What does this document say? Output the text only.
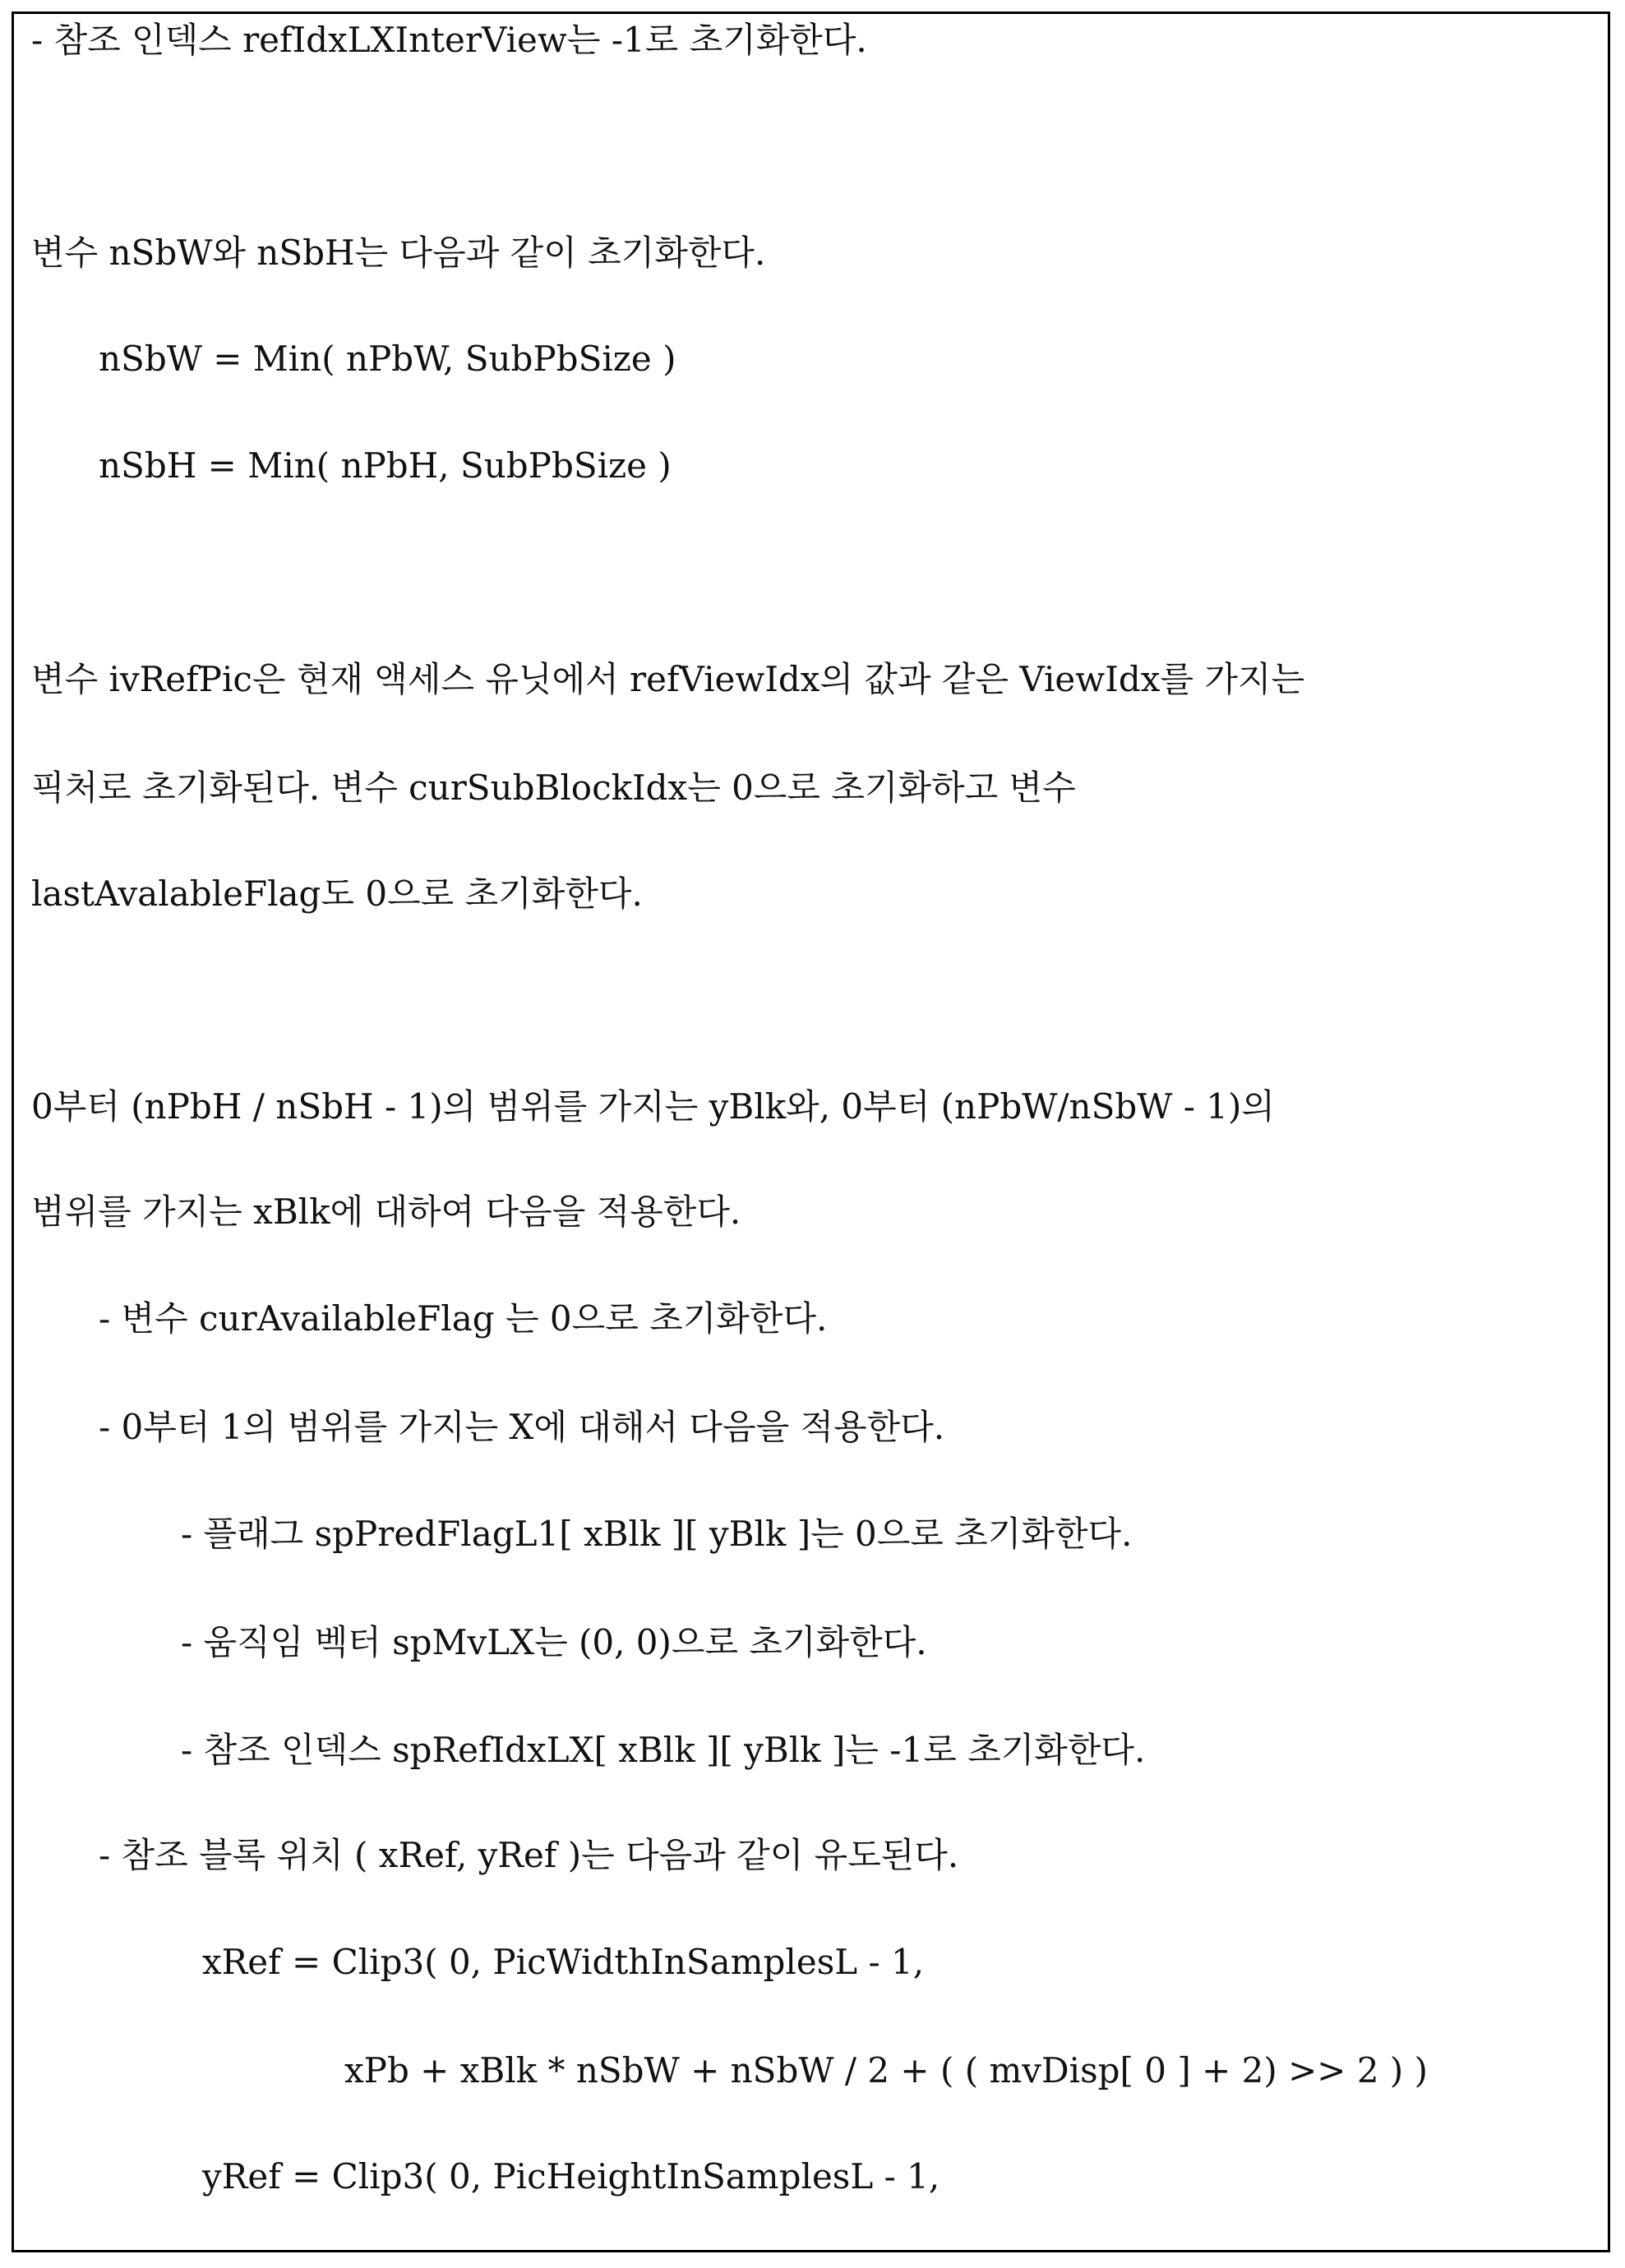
- 참조 인덱스 refIdxLXInterView는 -1로 초기화한다.
변수 nSbW와 nSbH는 다음과 같이 초기화한다.
nSbW = Min( nPbW, SubPbSize )
nSbH = Min( nPbH, SubPbSize )
변수 ivRefPic은 현재 액세스 유닛에서 refViewIdx의 값과 같은 ViewIdx를 가지는
픽처로 초기화된다. 변수 curSubBlockIdx는 0으로 초기화하고 변수
lastAvalableFlag도 0으로 초기화한다.
0부터 (nPbH / nSbH - 1)의 범위를 가지는 yBlk와, 0부터 (nPbW/nSbW - 1)의
범위를 가지는 xBlk에 대하여 다음을 적용한다.
- 변수 curAvailableFlag 는 0으로 초기화한다.
- 0부터 1의 범위를 가지는 X에 대해서 다음을 적용한다.
- 플래그 spPredFlagL1[ xBlk ][ yBlk ]는 0으로 초기화한다.
- 움직임 벡터 spMvLX는 (0, 0)으로 초기화한다.
- 참조 인덱스 spRefIdxLX[ xBlk ][ yBlk ]는 -1로 초기화한다.
- 참조 블록 위치 ( xRef, yRef )는 다음과 같이 유도된다.
xRef = Clip3( 0, PicWidthInSamplesL - 1,
xPb + xBlk * nSbW + nSbW / 2 + ( ( mvDisp[ 0 ] + 2) >> 2 ) )
yRef = Clip3( 0, PicHeightInSamplesL - 1,
